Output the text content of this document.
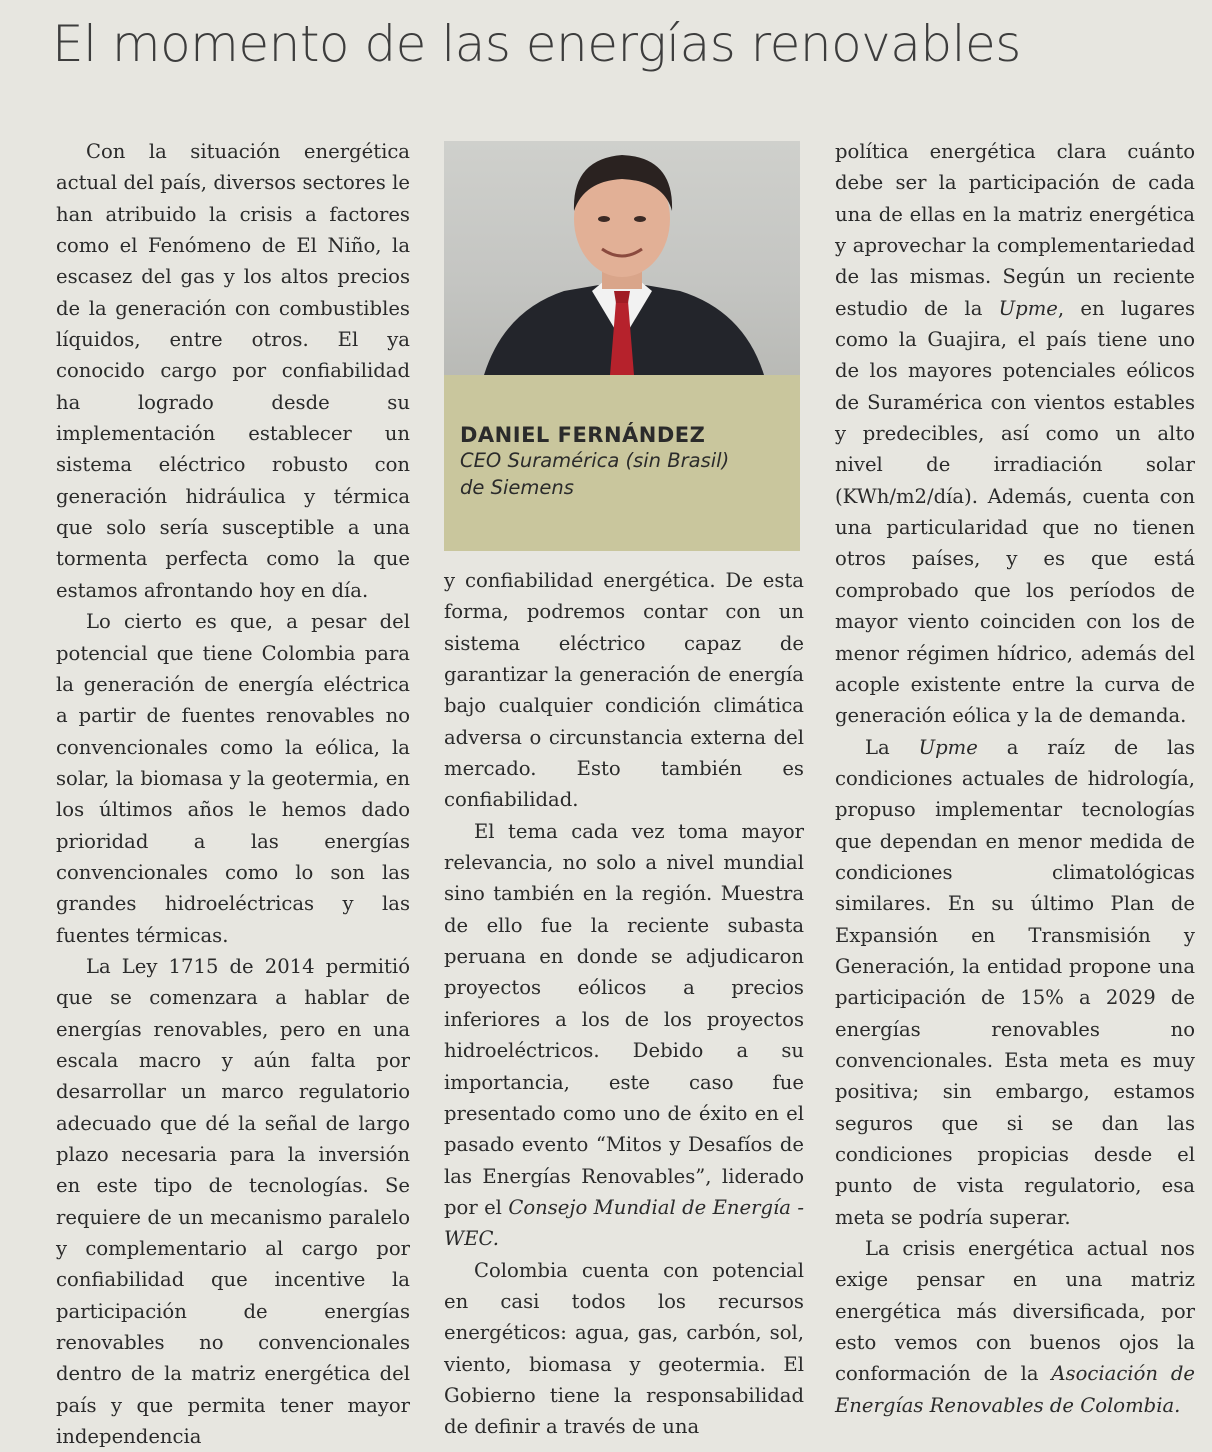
El momento de las energías renovables

Con la situación energética actual del país, diversos sectores le han atribuido la crisis a factores como el Fenómeno de El Niño, la escasez del gas y los altos precios de la generación con combustibles líquidos, entre otros. El ya conocido cargo por confiabilidad ha logrado desde su implementación establecer un sistema eléctrico robusto con generación hidráulica y térmica que solo sería susceptible a una tormenta perfecta como la que estamos afrontando hoy en día.

Lo cierto es que, a pesar del potencial que tiene Colombia para la generación de energía eléctrica a partir de fuentes renovables no convencionales como la eólica, la solar, la biomasa y la geotermia, en los últimos años le hemos dado prioridad a las energías convencionales como lo son las grandes hidroeléctricas y las fuentes térmicas.

La Ley 1715 de 2014 permitió que se comenzara a hablar de energías renovables, pero en una escala macro y aún falta por desarrollar un marco regulatorio adecuado que dé la señal de largo plazo necesaria para la inversión en este tipo de tecnologías. Se requiere de un mecanismo paralelo y complementario al cargo por confiabilidad que incentive la participación de energías renovables no convencionales dentro de la matriz energética del país y que permita tener mayor independencia

DANIEL FERNÁNDEZ
CEO Suramérica (sin Brasil)
de Siemens

y confiabilidad energética. De esta forma, podremos contar con un sistema eléctrico capaz de garantizar la generación de energía bajo cualquier condición climática adversa o circunstancia externa del mercado. Esto también es confiabilidad.

El tema cada vez toma mayor relevancia, no solo a nivel mundial sino también en la región. Muestra de ello fue la reciente subasta peruana en donde se adjudicaron proyectos eólicos a precios inferiores a los de los proyectos hidroeléctricos. Debido a su importancia, este caso fue presentado como uno de éxito en el pasado evento “Mitos y Desafíos de las Energías Renovables”, liderado por el Consejo Mundial de Energía - WEC.

Colombia cuenta con potencial en casi todos los recursos energéticos: agua, gas, carbón, sol, viento, biomasa y geotermia. El Gobierno tiene la responsabilidad de definir a través de una

política energética clara cuánto debe ser la participación de cada una de ellas en la matriz energética y aprovechar la complementariedad de las mismas. Según un reciente estudio de la Upme, en lugares como la Guajira, el país tiene uno de los mayores potenciales eólicos de Suramérica con vientos estables y predecibles, así como un alto nivel de irradiación solar (KWh/m2/día). Además, cuenta con una particularidad que no tienen otros países, y es que está comprobado que los períodos de mayor viento coinciden con los de menor régimen hídrico, además del acople existente entre la curva de generación eólica y la de demanda.

La Upme a raíz de las condiciones actuales de hidrología, propuso implementar tecnologías que dependan en menor medida de condiciones climatológicas similares. En su último Plan de Expansión en Transmisión y Generación, la entidad propone una participación de 15% a 2029 de energías renovables no convencionales. Esta meta es muy positiva; sin embargo, estamos seguros que si se dan las condiciones propicias desde el punto de vista regulatorio, esa meta se podría superar.

La crisis energética actual nos exige pensar en una matriz energética más diversificada, por esto vemos con buenos ojos la conformación de la Asociación de Energías Renovables de Colombia.
